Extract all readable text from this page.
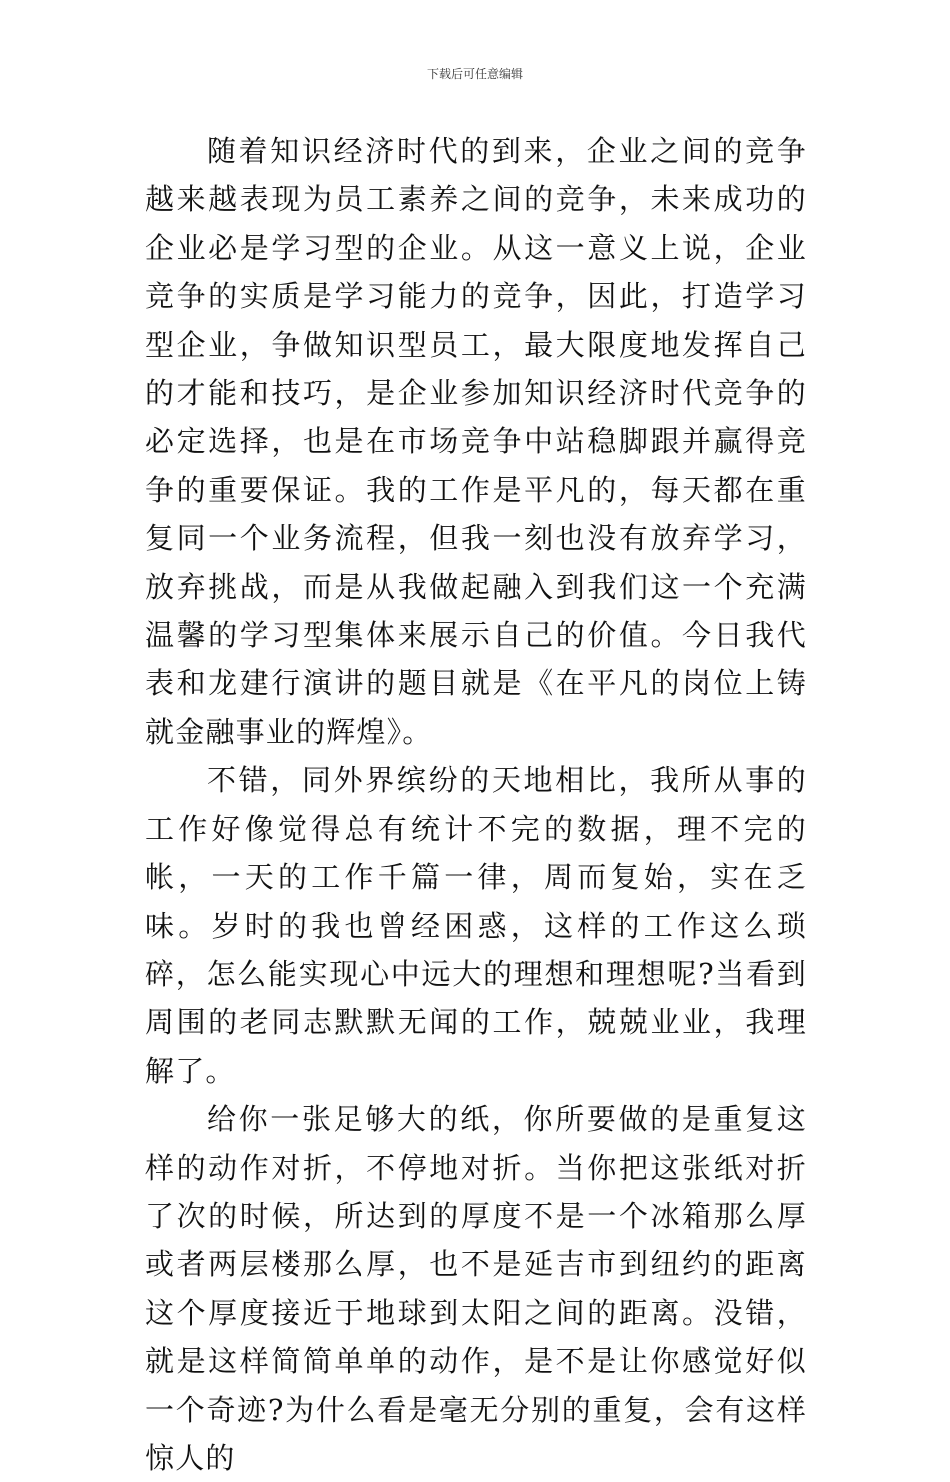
下载后可任意编辑

随着知识经济时代的到来，企业之间的竞争越来越表现为员工素养之间的竞争，未来成功的企业必是学习型的企业。从这一意义上说，企业竞争的实质是学习能力的竞争，因此，打造学习型企业，争做知识型员工，最大限度地发挥自己的才能和技巧，是企业参加知识经济时代竞争的必定选择，也是在市场竞争中站稳脚跟并赢得竞争的重要保证。我的工作是平凡的，每天都在重复同一个业务流程，但我一刻也没有放弃学习，放弃挑战，而是从我做起融入到我们这一个充满温馨的学习型集体来展示自己的价值。今日我代表和龙建行演讲的题目就是《在平凡的岗位上铸就金融事业的辉煌》。

不错，同外界缤纷的天地相比，我所从事的工作好像觉得总有统计不完的数据，理不完的帐，一天的工作千篇一律，周而复始，实在乏味。岁时的我也曾经困惑，这样的工作这么琐碎，怎么能实现心中远大的理想和理想呢?当看到周围的老同志默默无闻的工作，兢兢业业，我理解了。

给你一张足够大的纸，你所要做的是重复这样的动作对折，不停地对折。当你把这张纸对折了次的时候，所达到的厚度不是一个冰箱那么厚或者两层楼那么厚，也不是延吉市到纽约的距离这个厚度接近于地球到太阳之间的距离。没错，就是这样简简单单的动作，是不是让你感觉好似一个奇迹?为什么看是毫无分别的重复，会有这样惊人的
